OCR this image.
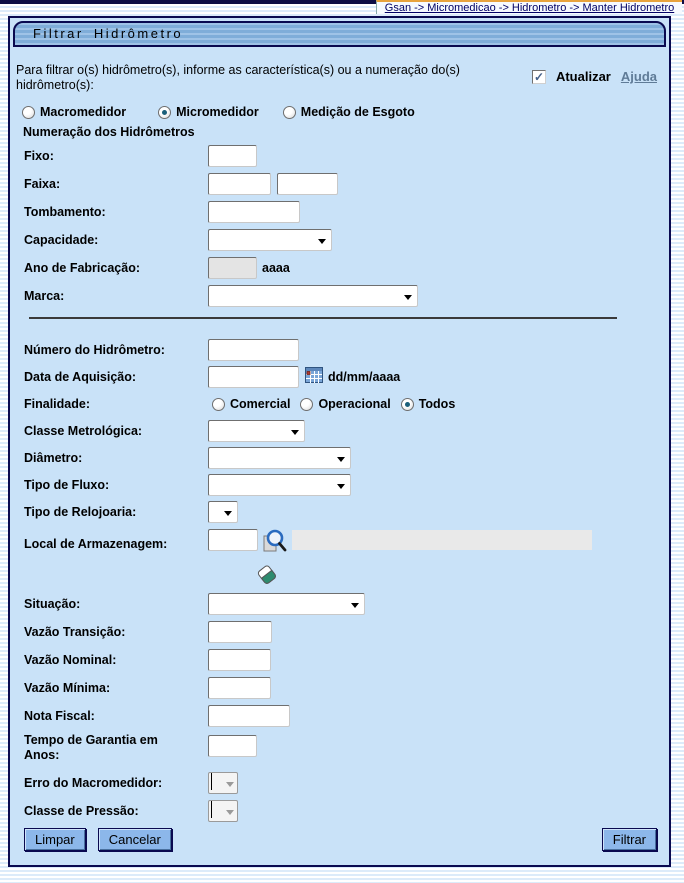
Gsan -> Micromedicao -> Hidrometro -> Manter Hidrometro
Filtrar Hidrômetro
Para filtrar o(s) hidrômetro(s), informe as característica(s) ou a numeração do(s) hidrômetro(s):
✓ Atualizar Ajuda
Macromedidor	Micromedidor	Medição de Esgoto
Numeração dos Hidrômetros
Fixo:
Faixa:
Tombamento:
Capacidade:
Ano de Fabricação:	aaaa
Marca:
Número do Hidrômetro:
Data de Aquisição:	dd/mm/aaaa
Finalidade:	Comercial Operacional Todos
Classe Metrológica:
Diâmetro:
Tipo de Fluxo:
Tipo de Relojoaria:
Local de Armazenagem:
Situação:
Vazão Transição:
Vazão Nominal:
Vazão Mínima:
Nota Fiscal:
Tempo de Garantia em Anos:
Erro do Macromedidor:
Classe de Pressão:
Limpar	Cancelar	Filtrar
